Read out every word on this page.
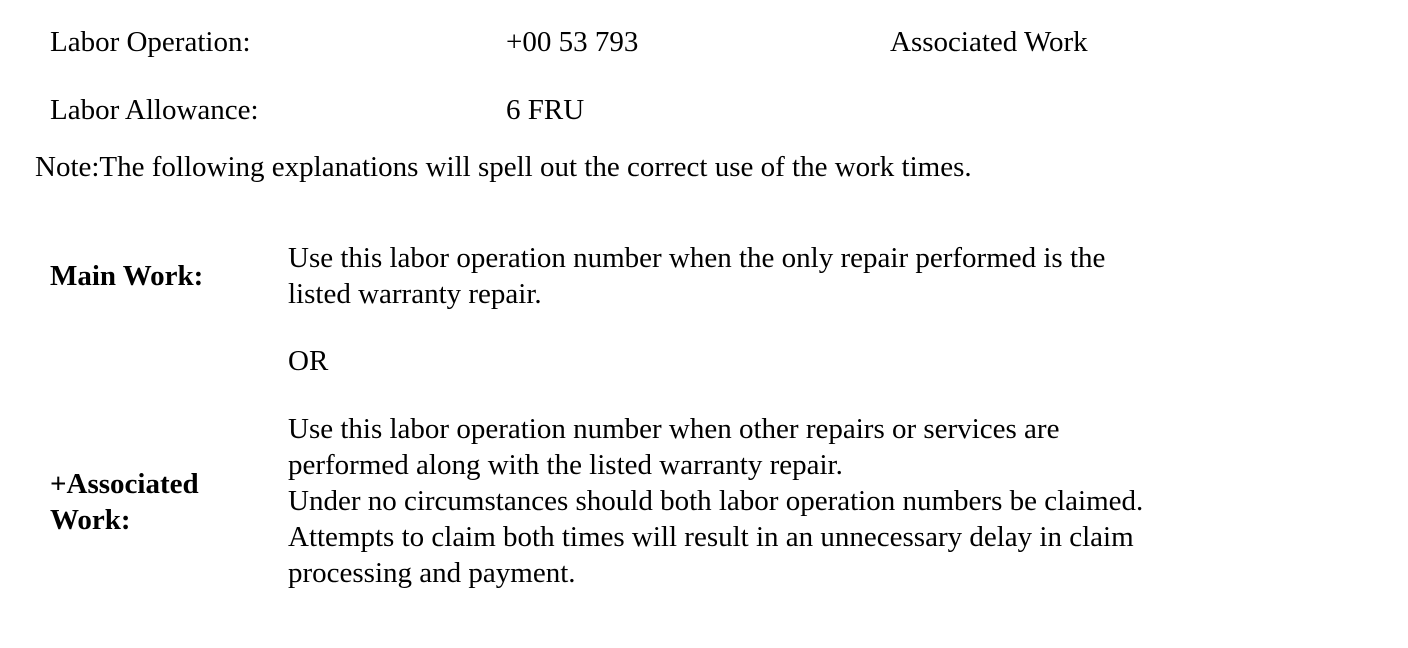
Labor Operation:	+00 53 793	Associated Work
Labor Allowance:	6 FRU
Note:The following explanations will spell out the correct use of the work times.
Main Work:
Use this labor operation number when the only repair performed is the
listed warranty repair.
OR
+Associated
Work:
Use this labor operation number when other repairs or services are
performed along with the listed warranty repair.
Under no circumstances should both labor operation numbers be claimed.
Attempts to claim both times will result in an unnecessary delay in claim
processing and payment.
